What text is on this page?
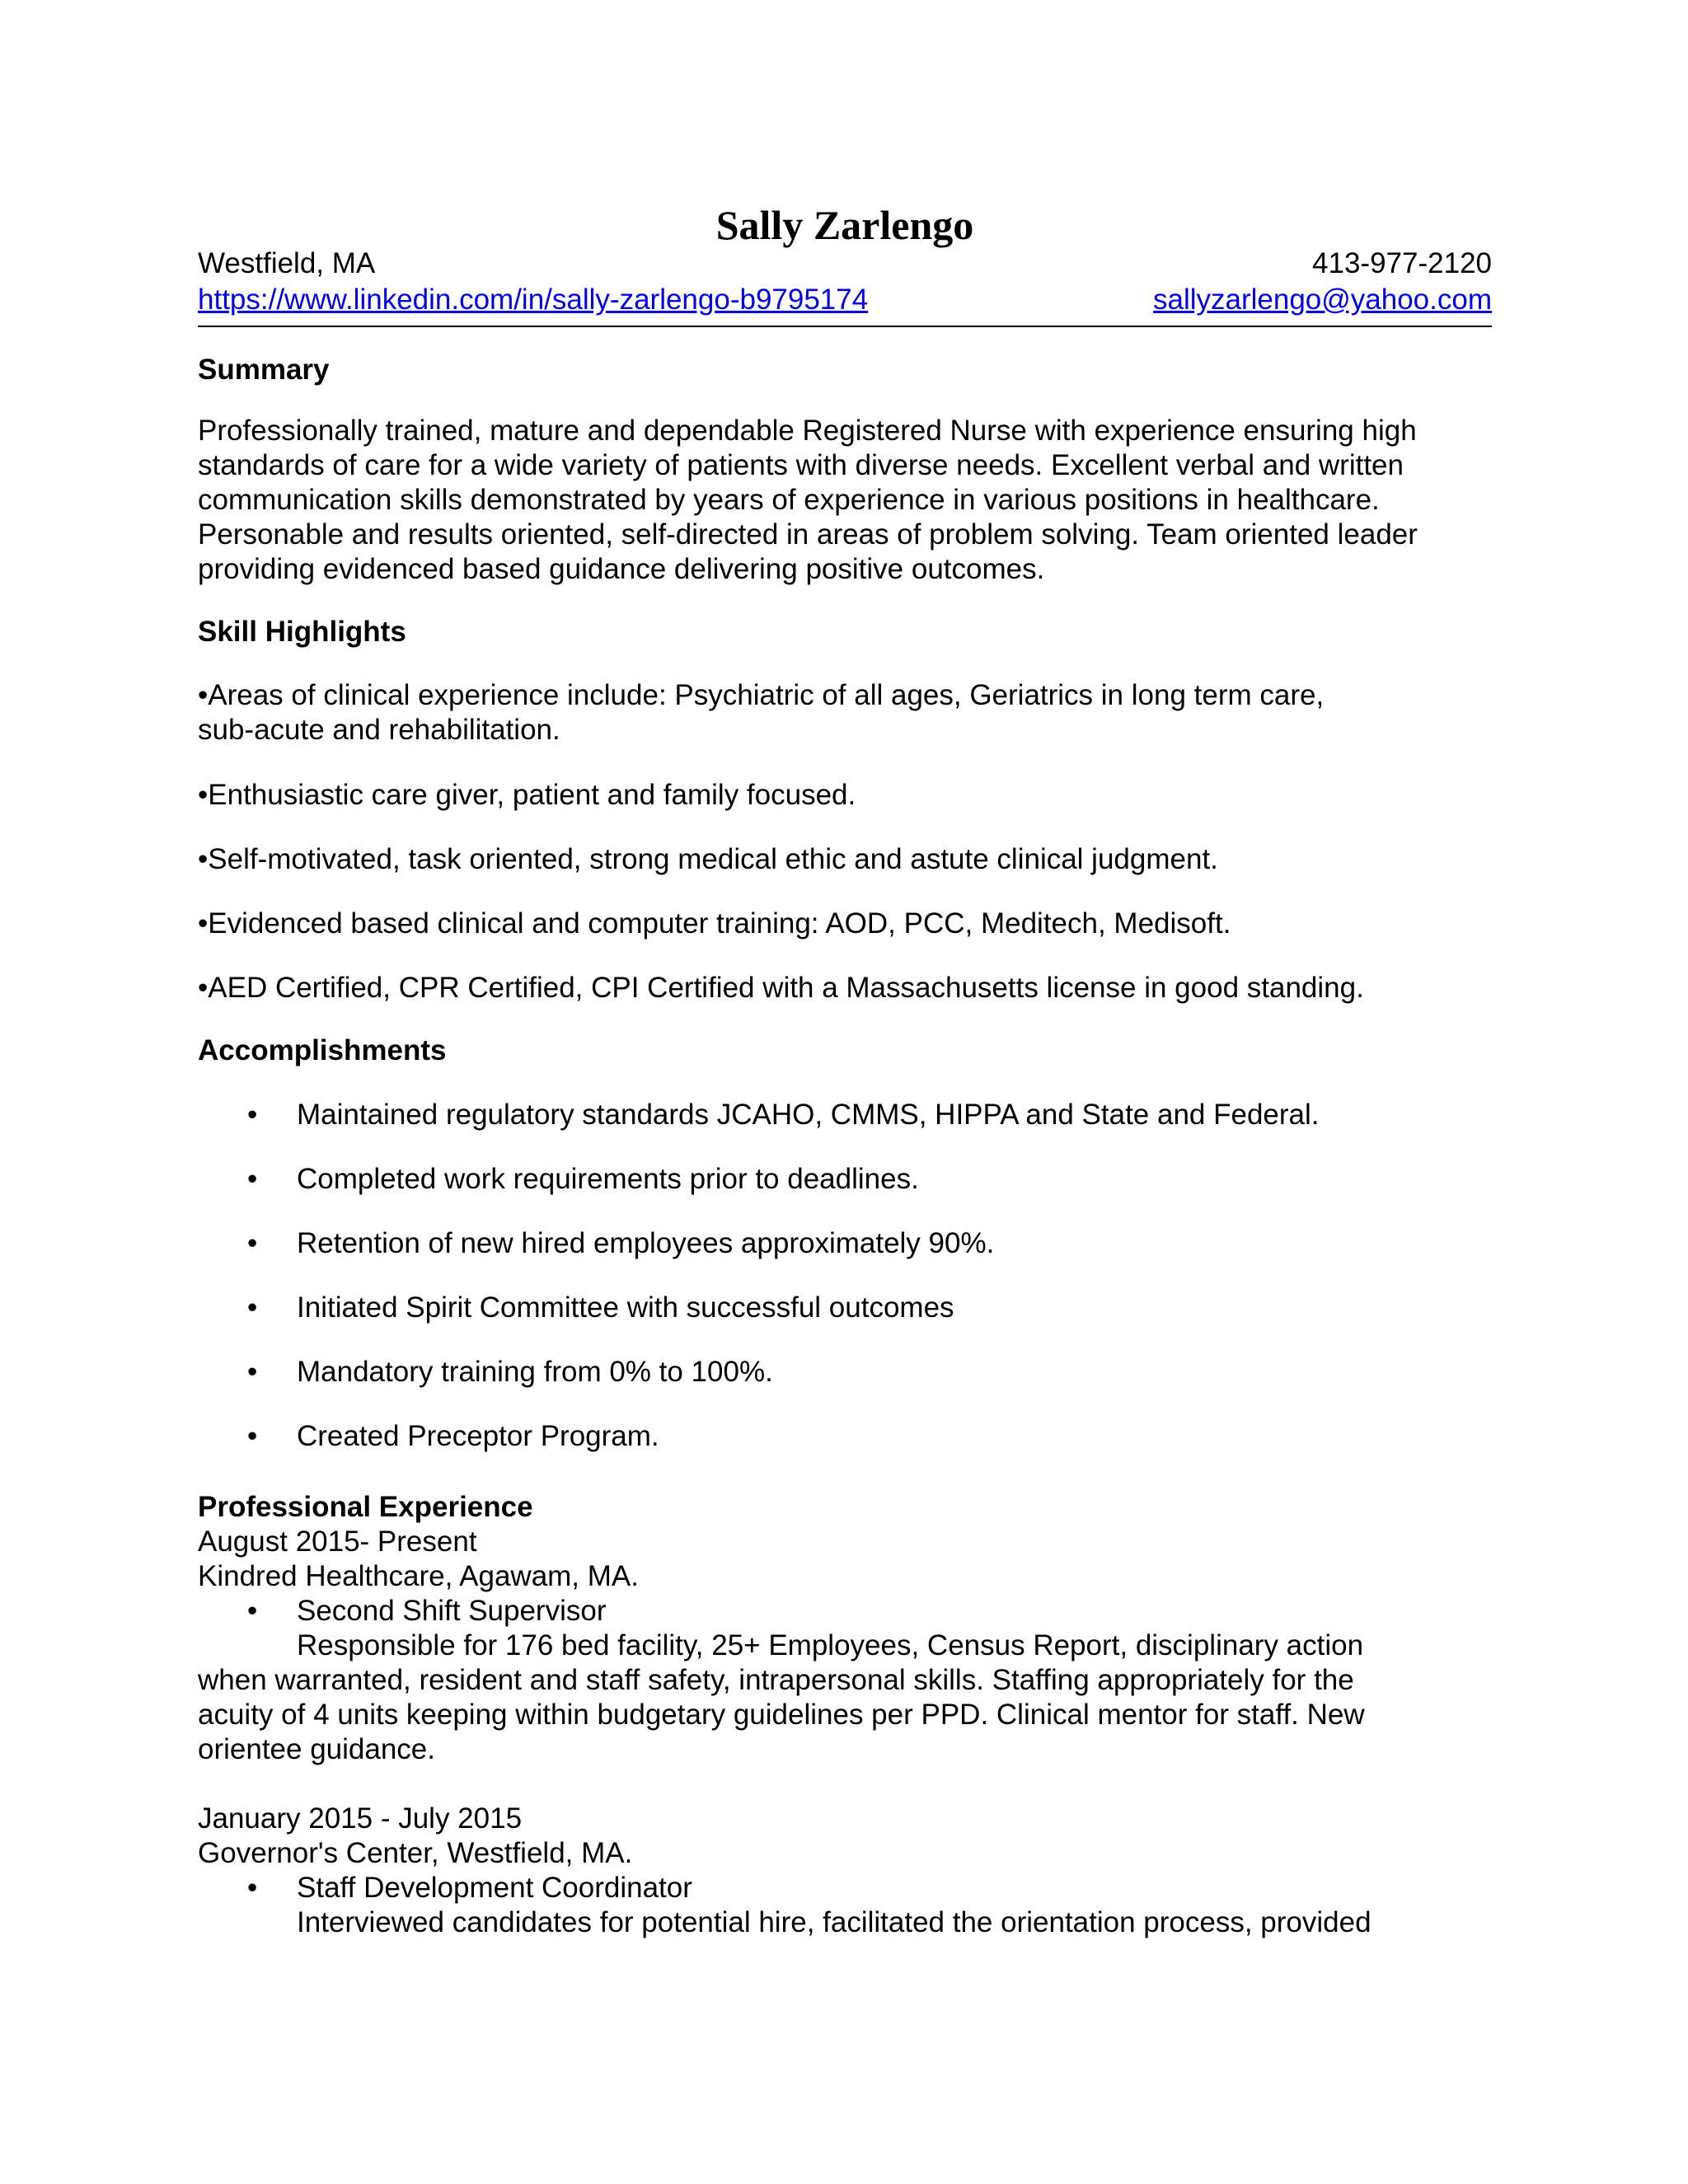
Sally Zarlengo
Westfield, MA	413-977-2120
https://www.linkedin.com/in/sally-zarlengo-b9795174	sallyzarlengo@yahoo.com
Summary
Professionally trained, mature and dependable Registered Nurse with experience ensuring high
standards of care for a wide variety of patients with diverse needs. Excellent verbal and written
communication skills demonstrated by years of experience in various positions in healthcare.
Personable and results oriented, self-directed in areas of problem solving. Team oriented leader
providing evidenced based guidance delivering positive outcomes.
Skill Highlights
•Areas of clinical experience include: Psychiatric of all ages, Geriatrics in long term care,
sub-acute and rehabilitation.
•Enthusiastic care giver, patient and family focused.
•Self-motivated, task oriented, strong medical ethic and astute clinical judgment.
•Evidenced based clinical and computer training: AOD, PCC, Meditech, Medisoft.
•AED Certified, CPR Certified, CPI Certified with a Massachusetts license in good standing.
Accomplishments
• Maintained regulatory standards JCAHO, CMMS, HIPPA and State and Federal.
• Completed work requirements prior to deadlines.
• Retention of new hired employees approximately 90%.
• Initiated Spirit Committee with successful outcomes
• Mandatory training from 0% to 100%.
• Created Preceptor Program.
Professional Experience
August 2015- Present
Kindred Healthcare, Agawam, MA.
• Second Shift Supervisor
Responsible for 176 bed facility, 25+ Employees, Census Report, disciplinary action
when warranted, resident and staff safety, intrapersonal skills. Staffing appropriately for the
acuity of 4 units keeping within budgetary guidelines per PPD. Clinical mentor for staff. New
orientee guidance.
January 2015 - July 2015
Governor's Center, Westfield, MA.
• Staff Development Coordinator
Interviewed candidates for potential hire, facilitated the orientation process, provided
